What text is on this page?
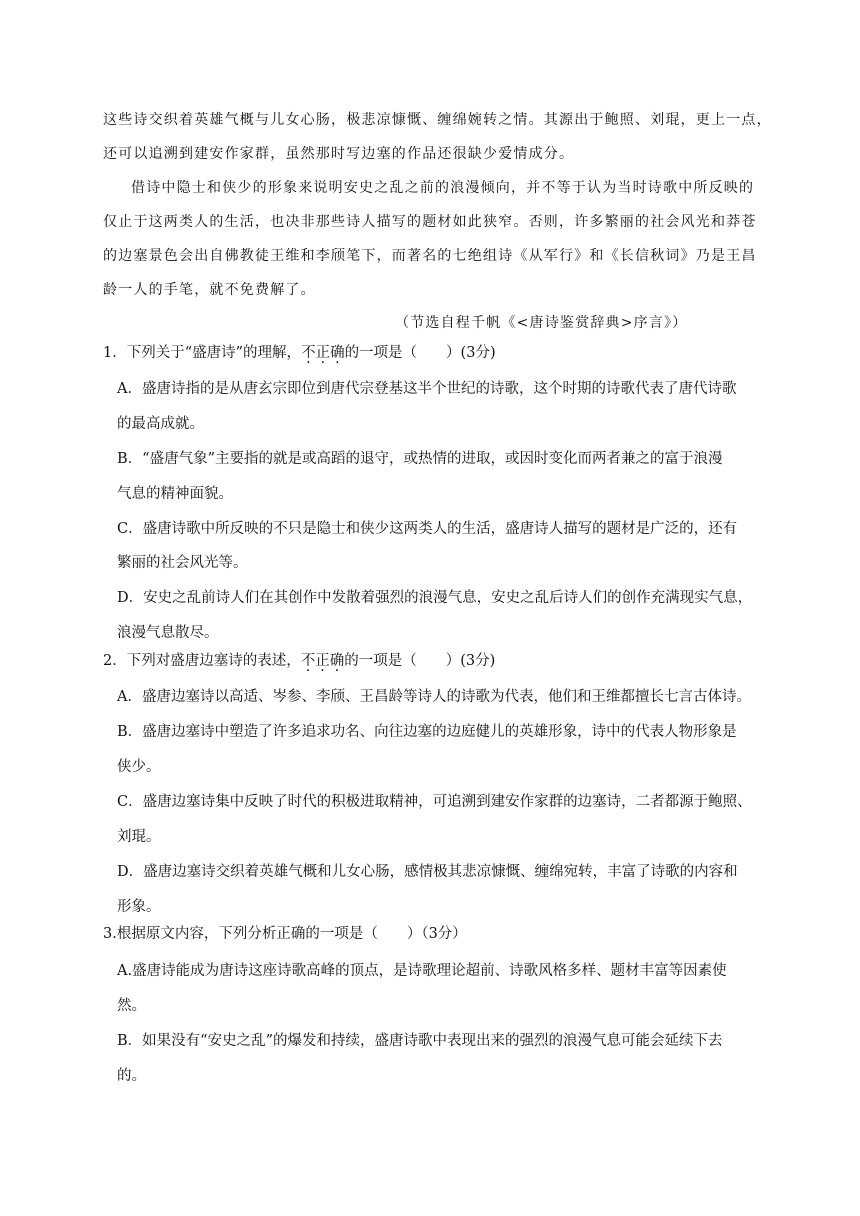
这些诗交织着英雄气概与儿女心肠，极悲凉慷慨、缠绵婉转之情。其源出于鲍照、刘琨，更上一点，
还可以追溯到建安作家群，虽然那时写边塞的作品还很缺少爱情成分。
借诗中隐士和侠少的形象来说明安史之乱之前的浪漫倾向，并不等于认为当时诗歌中所反映的
仅止于这两类人的生活，也决非那些诗人描写的题材如此狭窄。否则，许多繁丽的社会风光和莽苍
的边塞景色会出自佛教徒王维和李颀笔下，而著名的七绝组诗《从军行》和《长信秋词》乃是王昌
龄一人的手笔，就不免费解了。
（节选自程千帆《<唐诗鉴赏辞典>序言》）
1．下列关于“盛唐诗”的理解，不正确的一项是（　　）(3分)
A．盛唐诗指的是从唐玄宗即位到唐代宗登基这半个世纪的诗歌，这个时期的诗歌代表了唐代诗歌
的最高成就。
B．“盛唐气象”主要指的就是或高蹈的退守，或热情的进取，或因时变化而两者兼之的富于浪漫
气息的精神面貌。
C．盛唐诗歌中所反映的不只是隐士和侠少这两类人的生活，盛唐诗人描写的题材是广泛的，还有
繁丽的社会风光等。
D．安史之乱前诗人们在其创作中发散着强烈的浪漫气息，安史之乱后诗人们的创作充满现实气息，
浪漫气息散尽。
2．下列对盛唐边塞诗的表述，不正确的一项是（　　）(3分)
A．盛唐边塞诗以高适、岑参、李颀、王昌龄等诗人的诗歌为代表，他们和王维都擅长七言古体诗。
B．盛唐边塞诗中塑造了许多追求功名、向往边塞的边庭健儿的英雄形象，诗中的代表人物形象是
侠少。
C．盛唐边塞诗集中反映了时代的积极进取精神，可追溯到建安作家群的边塞诗，二者都源于鲍照、
刘琨。
D．盛唐边塞诗交织着英雄气概和儿女心肠，感情极其悲凉慷慨、缠绵宛转，丰富了诗歌的内容和
形象。
3.根据原文内容，下列分析正确的一项是（　　）（3分）
A.盛唐诗能成为唐诗这座诗歌高峰的顶点，是诗歌理论超前、诗歌风格多样、题材丰富等因素使
然。
B．如果没有“安史之乱”的爆发和持续，盛唐诗歌中表现出来的强烈的浪漫气息可能会延续下去
的。
